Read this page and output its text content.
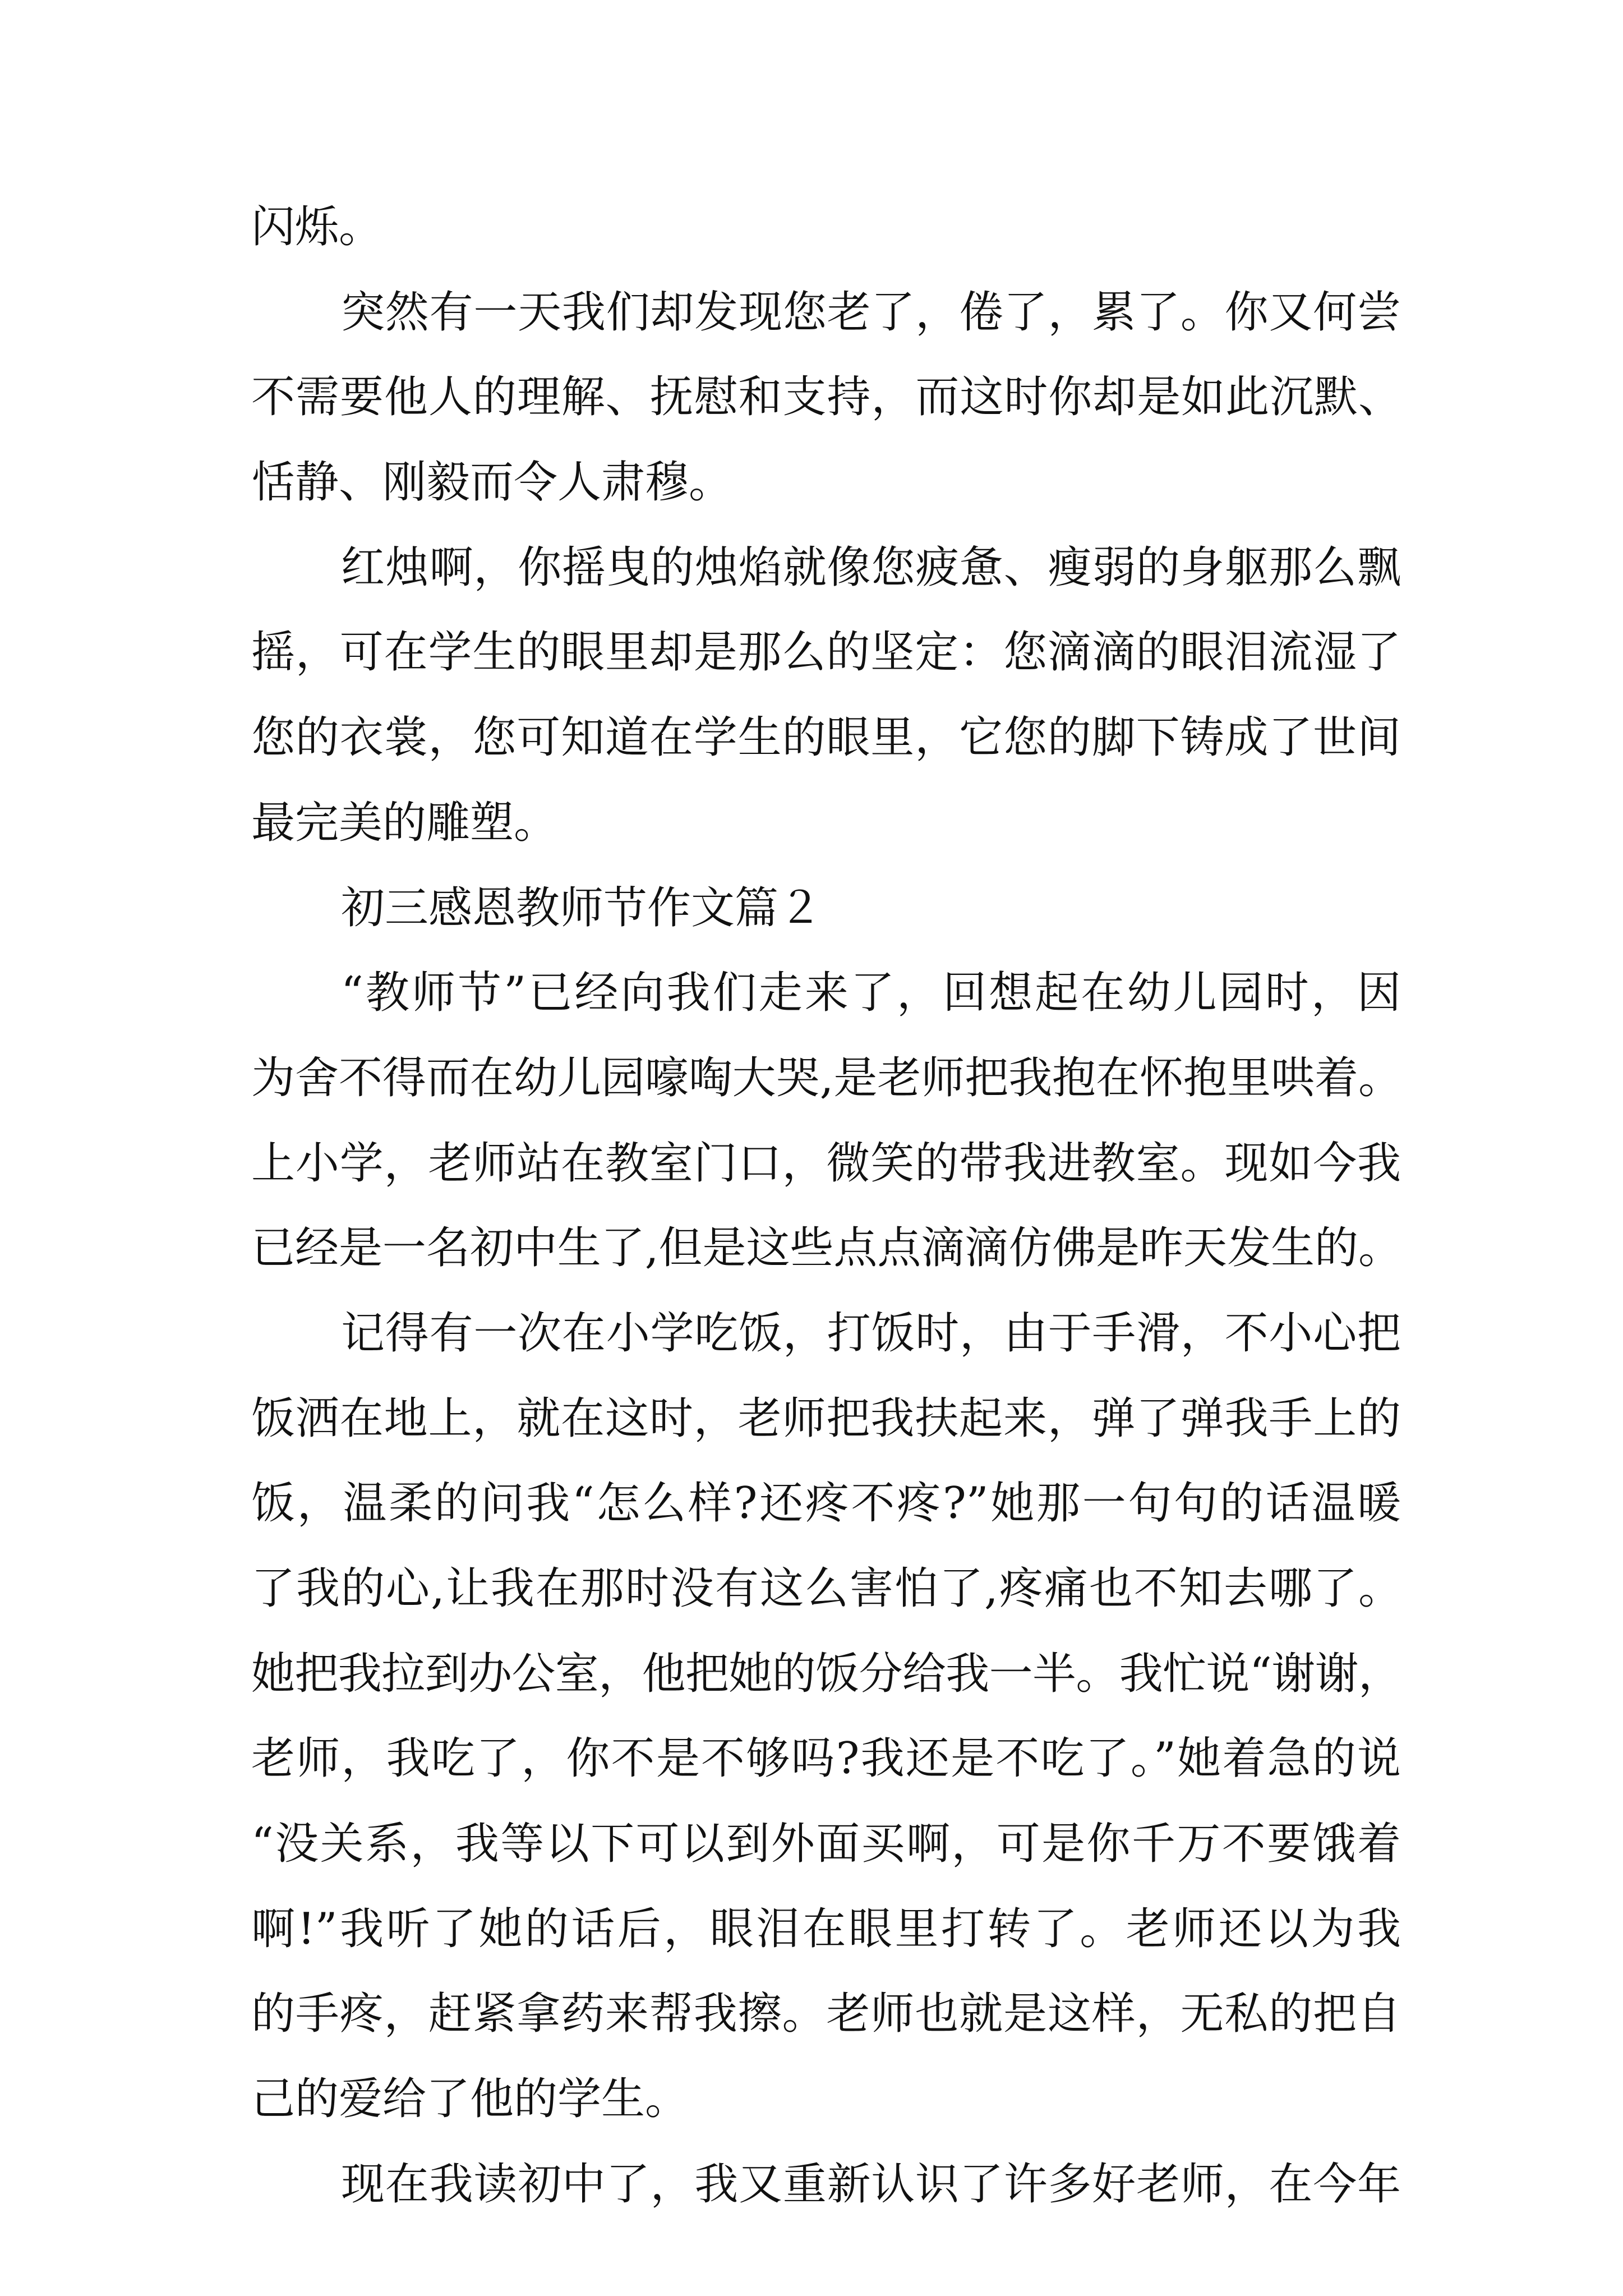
闪烁。
突然有一天我们却发现您老了，倦了，累了。你又何尝
不需要他人的理解、抚慰和支持，而这时你却是如此沉默、
恬静、刚毅而令人肃穆。
红烛啊，你摇曳的烛焰就像您疲惫、瘦弱的身躯那么飘
摇，可在学生的眼里却是那么的坚定：您滴滴的眼泪流湿了
您的衣裳，您可知道在学生的眼里，它您的脚下铸成了世间
最完美的雕塑。
初三感恩教师节作文篇２
“教师节”已经向我们走来了，回想起在幼儿园时，因
为舍不得而在幼儿园嚎啕大哭,是老师把我抱在怀抱里哄着。
上小学，老师站在教室门口，微笑的带我进教室。现如今我
已经是一名初中生了,但是这些点点滴滴仿佛是昨天发生的。
记得有一次在小学吃饭，打饭时，由于手滑，不小心把
饭洒在地上，就在这时，老师把我扶起来，弹了弹我手上的
饭，温柔的问我“怎么样?还疼不疼?”她那一句句的话温暖
了我的心,让我在那时没有这么害怕了,疼痛也不知去哪了。
她把我拉到办公室，他把她的饭分给我一半。我忙说“谢谢，
老师，我吃了，你不是不够吗?我还是不吃了。”她着急的说
“没关系，我等以下可以到外面买啊，可是你千万不要饿着
啊!”我听了她的话后，眼泪在眼里打转了。老师还以为我
的手疼，赶紧拿药来帮我擦。老师也就是这样，无私的把自
己的爱给了他的学生。
现在我读初中了，我又重新认识了许多好老师，在今年
